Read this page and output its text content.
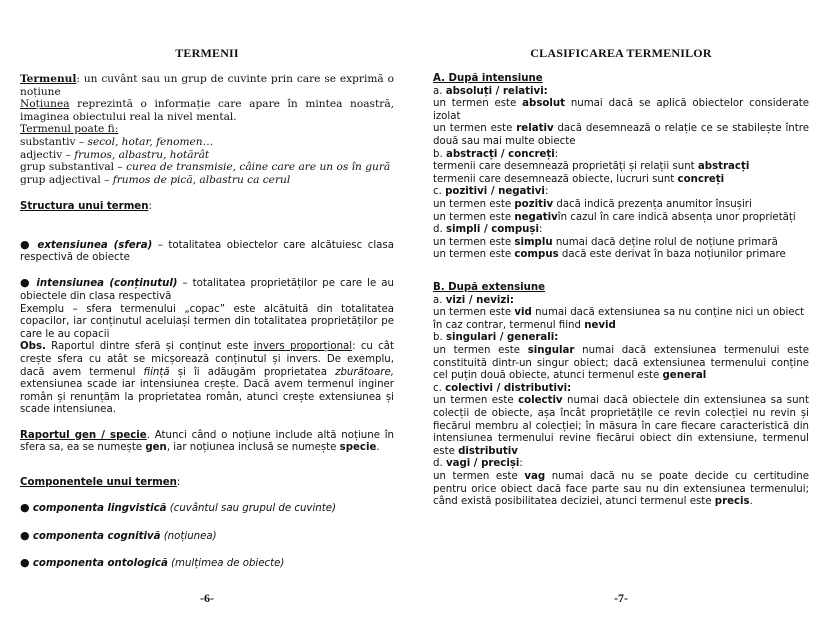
TERMENII

Termenul: un cuvânt sau un grup de cuvinte prin care se exprimă o noțiune

Noțiunea reprezintă o informație care apare în mintea noastră, imaginea obiectului real la nivel mental.

Termenul poate fi:

substantiv – secol, hotar, fenomen…

adjectiv – frumos, albastru, hotărât

grup substantival – curea de transmisie, câine care are un os în gură

grup adjectival – frumos de pică, albastru ca cerul

Structura unui termen:

● extensiunea (sfera) – totalitatea obiectelor care alcătuiesc clasa respectivă de obiecte

● intensiunea (conținutul) – totalitatea proprietăților pe care le au obiectele din clasa respectivă

Exemplu – sfera termenului „copac” este alcătuită din totalitatea copacilor, iar conținutul aceluiași termen din totalitatea proprietăților pe care le au copacii

Obs. Raportul dintre sferă și conținut este invers proporțional: cu cât crește sfera cu atât se micșorează conținutul și invers. De exemplu, dacă avem termenul ființă și îi adăugăm proprietatea zburătoare, extensiunea scade iar intensiunea crește. Dacă avem termenul inginer român și renunțăm la proprietatea român, atunci crește extensiunea și scade intensiunea.

Raportul gen / specie. Atunci când o noțiune include altă noțiune în sfera sa, ea se numește gen, iar noțiunea inclusă se numește specie.

Componentele unui termen:

● componenta lingvistică (cuvântul sau grupul de cuvinte)

● componenta cognitivă (noțiunea)

● componenta ontologică (mulțimea de obiecte)

-6-
CLASIFICAREA TERMENILOR

A. După intensiune

a. absoluți / relativi:

un termen este absolut numai dacă se aplică obiectelor considerate izolat

un termen este relativ dacă desemnează o relație ce se stabilește între două sau mai multe obiecte

b. abstracți / concreți:

termenii care desemnează proprietăți și relații sunt abstracți

termenii care desemnează obiecte, lucruri sunt concreți

c. pozitivi / negativi:

un termen este pozitiv dacă indică prezența anumitor însușiri

un termen este negativîn cazul în care indică absența unor proprietăți

d. simpli / compuși:

un termen este simplu numai dacă deține rolul de noțiune primară

un termen este compus dacă este derivat în baza noțiunilor primare

B. După extensiune

a. vizi / nevizi:

un termen este vid numai dacă extensiunea sa nu conține nici un obiect

în caz contrar, termenul fiind nevid

b. singulari / generali:

un termen este singular numai dacă extensiunea termenului este constituită dintr-un singur obiect; dacă extensiunea termenului conține cel puțin două obiecte, atunci termenul este general

c. colectivi / distributivi:

un termen este colectiv numai dacă obiectele din extensiunea sa sunt colecții de obiecte, așa încât proprietățile ce revin colecției nu revin și fiecărui membru al colecției; în măsura în care fiecare caracteristică din intensiunea termenului revine fiecărui obiect din extensiune, termenul este distributiv

d. vagi / preciși:

un termen este vag numai dacă nu se poate decide cu certitudine pentru orice obiect dacă face parte sau nu din extensiunea termenului; când există posibilitatea deciziei, atunci termenul este precis.

-7-
